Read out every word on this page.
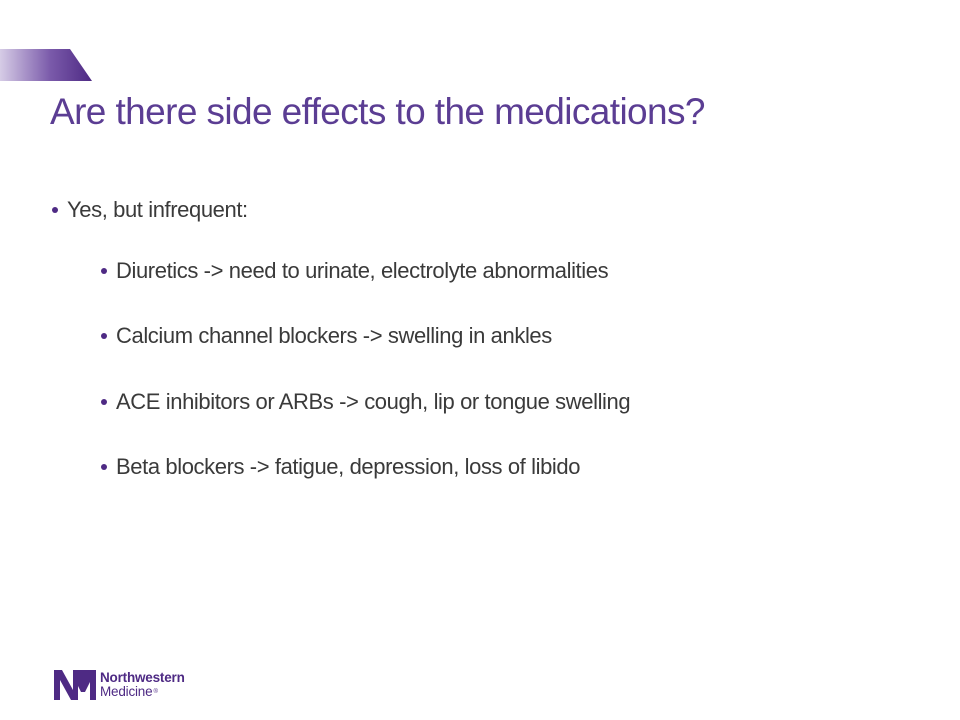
Are there side effects to the medications?
Yes, but infrequent:
Diuretics -> need to urinate, electrolyte abnormalities
Calcium channel blockers -> swelling in ankles
ACE inhibitors or ARBs -> cough, lip or tongue swelling
Beta blockers -> fatigue, depression, loss of libido
Northwestern
Medicine®
